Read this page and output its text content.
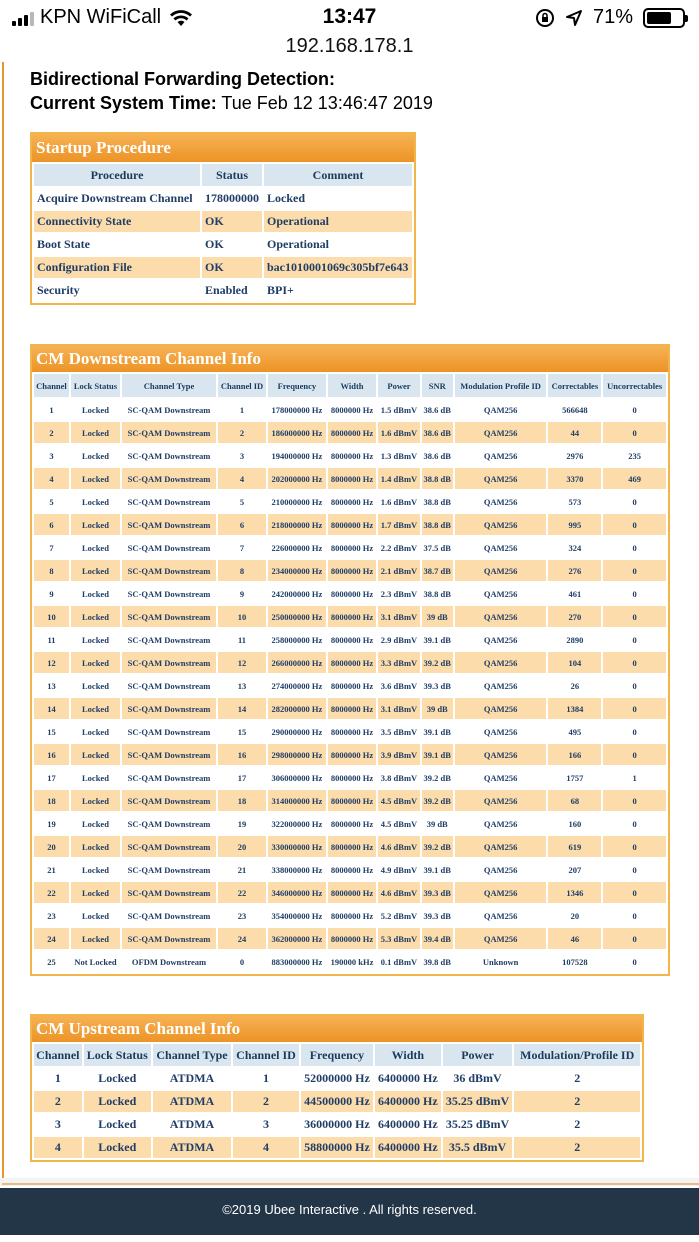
KPN WiFiCall	13:47	71%
192.168.178.1
Bidirectional Forwarding Detection:
Current System Time: Tue Feb 12 13:46:47 2019
Startup Procedure
Procedure	Status	Comment
Acquire Downstream Channel	178000000	Locked
Connectivity State	OK	Operational
Boot State	OK	Operational
Configuration File	OK	bac1010001069c305bf7e643
Security	Enabled	BPI+
CM Downstream Channel Info
Channel	Lock Status	Channel Type	Channel ID	Frequency	Width	Power	SNR	Modulation Profile ID	Correctables	Uncorrectables
1	Locked	SC-QAM Downstream	1	178000000 Hz	8000000 Hz	1.5 dBmV	38.6 dB	QAM256	566648	0
2	Locked	SC-QAM Downstream	2	186000000 Hz	8000000 Hz	1.6 dBmV	38.6 dB	QAM256	44	0
3	Locked	SC-QAM Downstream	3	194000000 Hz	8000000 Hz	1.3 dBmV	38.6 dB	QAM256	2976	235
4	Locked	SC-QAM Downstream	4	202000000 Hz	8000000 Hz	1.4 dBmV	38.8 dB	QAM256	3370	469
5	Locked	SC-QAM Downstream	5	210000000 Hz	8000000 Hz	1.6 dBmV	38.8 dB	QAM256	573	0
6	Locked	SC-QAM Downstream	6	218000000 Hz	8000000 Hz	1.7 dBmV	38.8 dB	QAM256	995	0
7	Locked	SC-QAM Downstream	7	226000000 Hz	8000000 Hz	2.2 dBmV	37.5 dB	QAM256	324	0
8	Locked	SC-QAM Downstream	8	234000000 Hz	8000000 Hz	2.1 dBmV	38.7 dB	QAM256	276	0
9	Locked	SC-QAM Downstream	9	242000000 Hz	8000000 Hz	2.3 dBmV	38.8 dB	QAM256	461	0
10	Locked	SC-QAM Downstream	10	250000000 Hz	8000000 Hz	3.1 dBmV	39 dB	QAM256	270	0
11	Locked	SC-QAM Downstream	11	258000000 Hz	8000000 Hz	2.9 dBmV	39.1 dB	QAM256	2890	0
12	Locked	SC-QAM Downstream	12	266000000 Hz	8000000 Hz	3.3 dBmV	39.2 dB	QAM256	104	0
13	Locked	SC-QAM Downstream	13	274000000 Hz	8000000 Hz	3.6 dBmV	39.3 dB	QAM256	26	0
14	Locked	SC-QAM Downstream	14	282000000 Hz	8000000 Hz	3.1 dBmV	39 dB	QAM256	1384	0
15	Locked	SC-QAM Downstream	15	290000000 Hz	8000000 Hz	3.5 dBmV	39.1 dB	QAM256	495	0
16	Locked	SC-QAM Downstream	16	298000000 Hz	8000000 Hz	3.9 dBmV	39.1 dB	QAM256	166	0
17	Locked	SC-QAM Downstream	17	306000000 Hz	8000000 Hz	3.8 dBmV	39.2 dB	QAM256	1757	1
18	Locked	SC-QAM Downstream	18	314000000 Hz	8000000 Hz	4.5 dBmV	39.2 dB	QAM256	68	0
19	Locked	SC-QAM Downstream	19	322000000 Hz	8000000 Hz	4.5 dBmV	39 dB	QAM256	160	0
20	Locked	SC-QAM Downstream	20	330000000 Hz	8000000 Hz	4.6 dBmV	39.2 dB	QAM256	619	0
21	Locked	SC-QAM Downstream	21	338000000 Hz	8000000 Hz	4.9 dBmV	39.1 dB	QAM256	207	0
22	Locked	SC-QAM Downstream	22	346000000 Hz	8000000 Hz	4.6 dBmV	39.3 dB	QAM256	1346	0
23	Locked	SC-QAM Downstream	23	354000000 Hz	8000000 Hz	5.2 dBmV	39.3 dB	QAM256	20	0
24	Locked	SC-QAM Downstream	24	362000000 Hz	8000000 Hz	5.3 dBmV	39.4 dB	QAM256	46	0
25	Not Locked	OFDM Downstream	0	883000000 Hz	190000 kHz	0.1 dBmV	39.8 dB	Unknown	107528	0
CM Upstream Channel Info
Channel	Lock Status	Channel Type	Channel ID	Frequency	Width	Power	Modulation/Profile ID
1	Locked	ATDMA	1	52000000 Hz	6400000 Hz	36 dBmV	2
2	Locked	ATDMA	2	44500000 Hz	6400000 Hz	35.25 dBmV	2
3	Locked	ATDMA	3	36000000 Hz	6400000 Hz	35.25 dBmV	2
4	Locked	ATDMA	4	58800000 Hz	6400000 Hz	35.5 dBmV	2
©2019 Ubee Interactive . All rights reserved.
